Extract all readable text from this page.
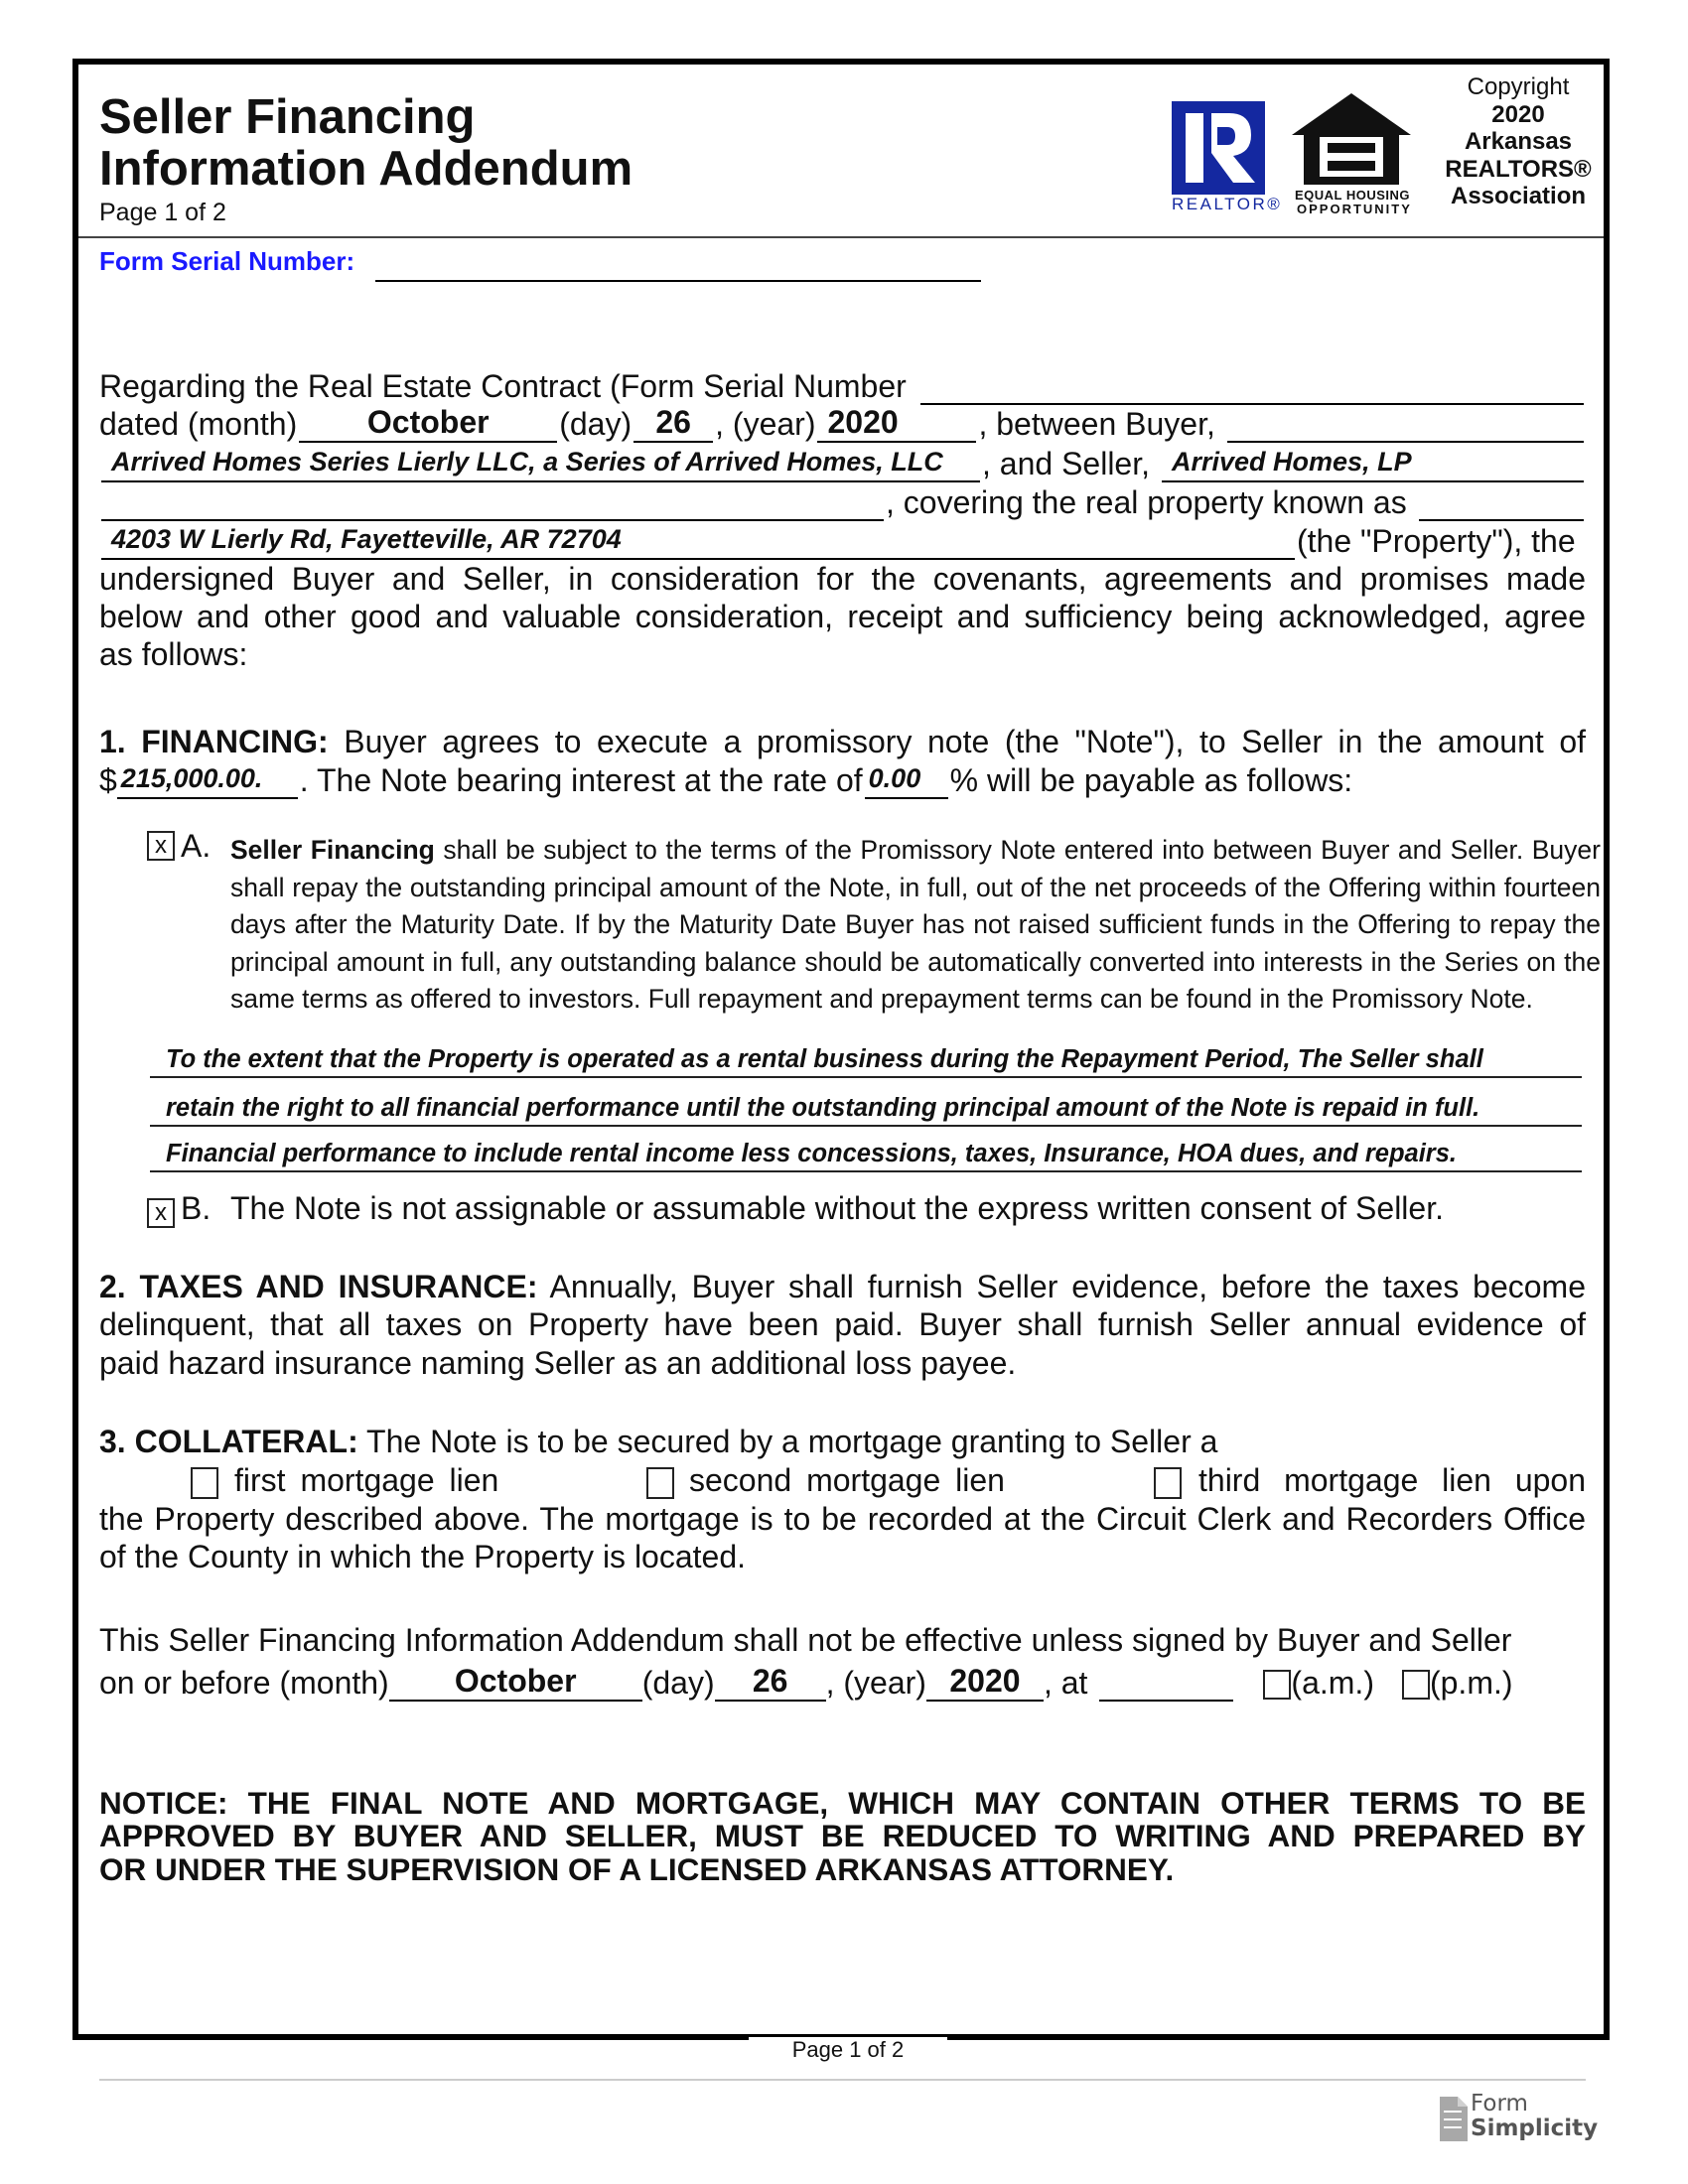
Seller Financing
Information Addendum
Page 1 of 2	REALTOR® EQUAL HOUSING
OPPORTUNITY
Copyright
2020
Arkansas
REALTORS®
Association
Form Serial Number:
Regarding the Real Estate Contract (Form Serial Number
dated (month)	October	(day) 26 , (year) 2020	, between Buyer,
Arrived Homes Series Lierly LLC, a Series of Arrived Homes, LLC	, and Seller, Arrived Homes, LP
, covering the real property known as
4203 W Lierly Rd, Fayetteville, AR 72704	(the "Property"), the
undersigned Buyer and Seller, in consideration for the covenants, agreements and promises made
below and other good and valuable consideration, receipt and sufficiency being acknowledged, agree
as follows:
1. FINANCING: Buyer agrees to execute a promissory note (the "Note"), to Seller in the amount of
$ 215,000.00.	. The Note bearing interest at the rate of 0.00 % will be payable as follows:
x A. Seller Financing shall be subject to the terms of the Promissory Note entered into between Buyer and Seller. Buyer shall repay the outstanding principal amount of the Note, in full, out of the net proceeds of the Offering within fourteen days after the Maturity Date. If by the Maturity Date Buyer has not raised sufficient funds in the Offering to repay the principal amount in full, any outstanding balance should be automatically converted into interests in the Series on the same terms as offered to investors. Full repayment and prepayment terms can be found in the Promissory Note.
To the extent that the Property is operated as a rental business during the Repayment Period, The Seller shall
retain the right to all financial performance until the outstanding principal amount of the Note is repaid in full.
Financial performance to include rental income less concessions, taxes, Insurance, HOA dues, and repairs.
x B. The Note is not assignable or assumable without the express written consent of Seller.
2. TAXES AND INSURANCE: Annually, Buyer shall furnish Seller evidence, before the taxes become
delinquent, that all taxes on Property have been paid. Buyer shall furnish Seller annual evidence of
paid hazard insurance naming Seller as an additional loss payee.
3. COLLATERAL: The Note is to be secured by a mortgage granting to Seller a
first mortgage lien	second mortgage lien	third mortgage lien upon
the Property described above. The mortgage is to be recorded at the Circuit Clerk and Recorders Office
of the County in which the Property is located.
This Seller Financing Information Addendum shall not be effective unless signed by Buyer and Seller
on or before (month)	October	(day)	26	, (year) 2020 , at	(a.m.) (p.m.)
NOTICE: THE FINAL NOTE AND MORTGAGE, WHICH MAY CONTAIN OTHER TERMS TO BE
APPROVED BY BUYER AND SELLER, MUST BE REDUCED TO WRITING AND PREPARED BY
OR UNDER THE SUPERVISION OF A LICENSED ARKANSAS ATTORNEY.
Page 1 of 2
Form
Simplicity
